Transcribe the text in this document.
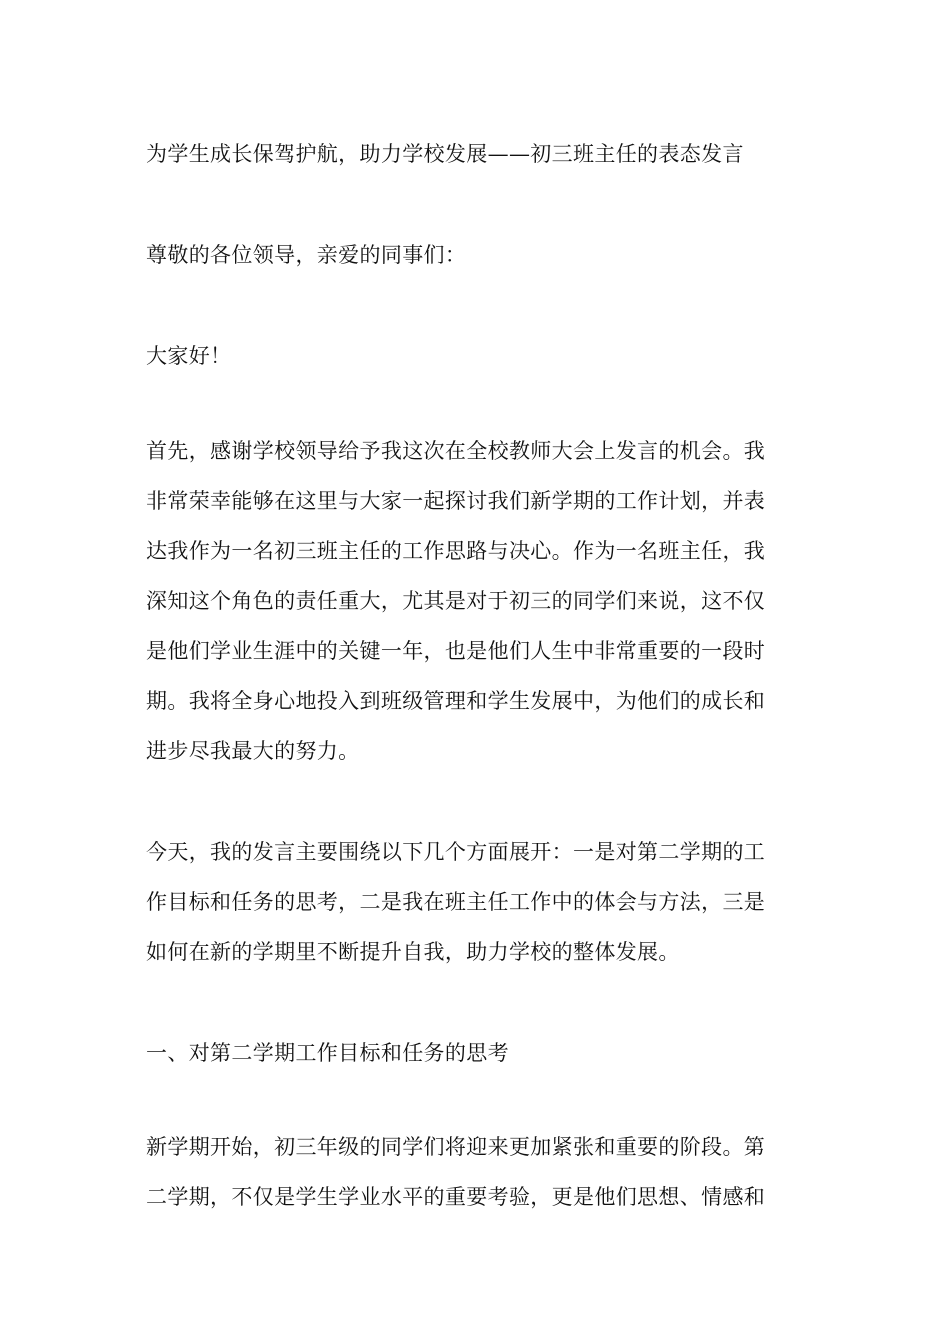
为学生成长保驾护航，助力学校发展——初三班主任的表态发言
尊敬的各位领导，亲爱的同事们：
大家好！
首先，感谢学校领导给予我这次在全校教师大会上发言的机会。我
非常荣幸能够在这里与大家一起探讨我们新学期的工作计划，并表
达我作为一名初三班主任的工作思路与决心。作为一名班主任，我
深知这个角色的责任重大，尤其是对于初三的同学们来说，这不仅
是他们学业生涯中的关键一年，也是他们人生中非常重要的一段时
期。我将全身心地投入到班级管理和学生发展中，为他们的成长和
进步尽我最大的努力。
今天，我的发言主要围绕以下几个方面展开：一是对第二学期的工
作目标和任务的思考，二是我在班主任工作中的体会与方法，三是
如何在新的学期里不断提升自我，助力学校的整体发展。
一、对第二学期工作目标和任务的思考
新学期开始，初三年级的同学们将迎来更加紧张和重要的阶段。第
二学期，不仅是学生学业水平的重要考验，更是他们思想、情感和
